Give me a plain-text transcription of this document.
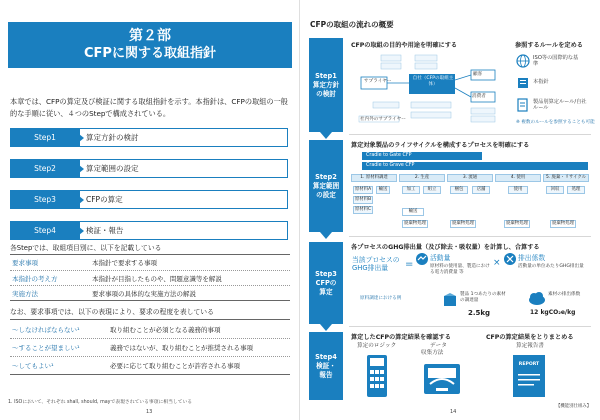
第２部
CFPに関する取組指針
本章では、CFPの算定及び検証に関する取組指針を示す。本指針は、CFPの取組の一般的な手順に従い、４つのStepで構成されている。
Step1	算定方針の検討
Step2	算定範囲の設定
Step3	CFPの算定
Step4	検証・報告
各Stepでは、取組項目別に、以下を記載している
要求事項	本指針で要求する事項
本指針の考え方	本指針が目指したものや、問題意識等を解説
実施方法	要求事項の具体的な実施方法の解説
なお、要求事項では、以下の表現により、要求の程度を表している
～しなければならない¹	取り組むことが必須となる義務的事項
～することが望ましい¹	義務ではないが、取り組むことが推奨される事項
～してもよい¹	必要に応じて取り組むことが許容される事項
1. ISOにおいて、それぞれ shall, should, mayで表現されている事項に相当している
13
CFPの取組の流れの概要
Step1
算定方針
の検討
CFPの取組の目的や用途を明確にする	参照するルールを定める
サプライヤー
自社（CFPの取組主体）
顧客
消費者
社内外のサプライヤー
ISO等の国際的な基準
本指針
製品別算定ルール/自社ルール
※ 複数のルールを参照することも可能
Step2
算定範囲
の設定
算定対象製品のライフサイクルを構成するプロセスを明確にする
Cradle to Gate CFP
Cradle to Grave CFP
1. 原材料調達	2. 生産	3. 流通	4. 使用	5. 廃棄・リサイクル
原材料A	輸送
原材料B
原材料C
加工	組立	梱包	店舗	使用	回収	処理
輸送
廃棄物処理	廃棄物処理	廃棄物処理	廃棄物処理
Step3
CFPの
算定
各プロセスのGHG排出量（及び除去・吸収量）を計算し、合算する
当該プロセスのGHG排出量	=
活動量
原材料の使用量、製造における電力消費量 等
×	排出係数
活動量の単位あたりGHG排出量
原料調達における例
製品 1つあたりの素材の調達量
2.5kg
素材の排出係数
12 kgCO₂e/kg
Step4
検証・
報告
算定したCFPの算定結果を確認する	CFPの算定結果をとりまとめる
算定のロジック	データ
収集方法
算定報告書
REPORT
【機能別仕組み】
14
